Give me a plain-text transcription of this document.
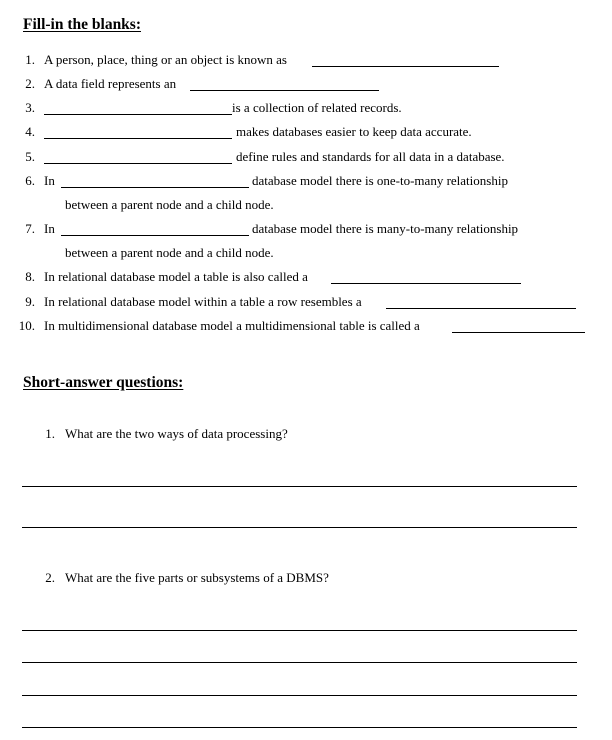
Fill-in the blanks:
1. A person, place, thing or an object is known as
2. A data field represents an
3.	is a collection of related records.
4.	makes databases easier to keep data accurate.
5.	define rules and standards for all data in a database.
6. In	database model there is one-to-many relationship
between a parent node and a child node.
7. In	database model there is many-to-many relationship
between a parent node and a child node.
8. In relational database model a table is also called a
9. In relational database model within a table a row resembles a
10. In multidimensional database model a multidimensional table is called a
Short-answer questions:
1. What are the two ways of data processing?
2. What are the five parts or subsystems of a DBMS?
